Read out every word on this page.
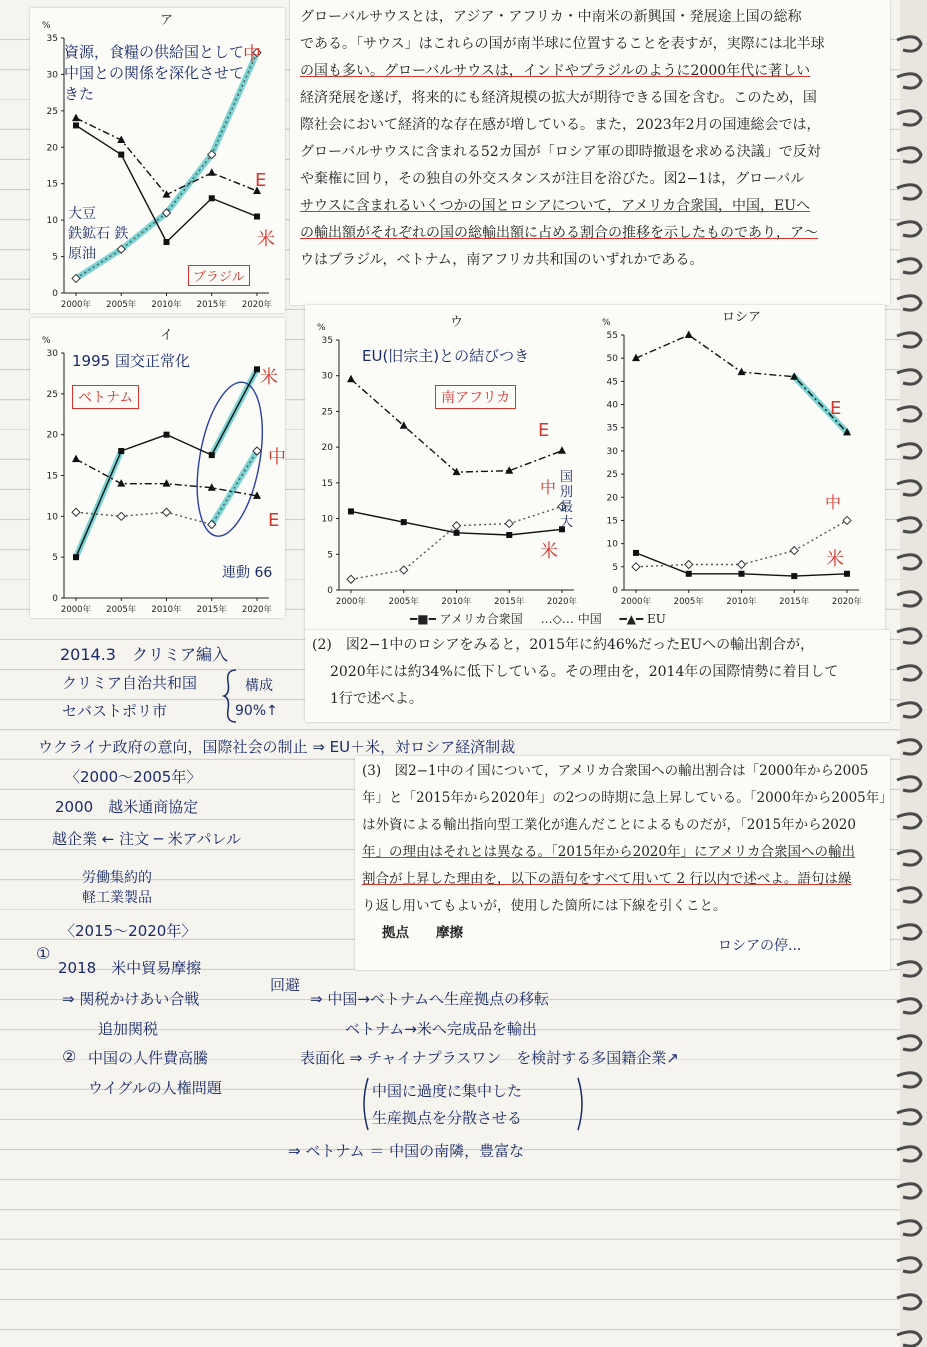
グローバルサウスとは，アジア・アフリカ・中南米の新興国・発展途上国の総称
である。「サウス」はこれらの国が南半球に位置することを表すが，実際には北半球
の国も多い。グローバルサウスは，インドやブラジルのように2000年代に著しい
経済発展を遂げ，将来的にも経済規模の拡大が期待できる国を含む。このため，国
際社会において経済的な存在感が増している。また，2023年2月の国連総会では，
グローバルサウスに含まれる52カ国が「ロシア軍の即時撤退を求める決議」で反対
や棄権に回り，その独自の外交スタンスが注目を浴びた。図2−1は，グローバル
サウスに含まれるいくつかの国とロシアについて，アメリカ合衆国，中国，EUへ
の輸出額がそれぞれの国の総輸出額に占める割合の推移を示したものであり，ア〜
ウはブラジル，ベトナム，南アフリカ共和国のいずれかである。
ア
%
0
5
10
15
20
25
30
35
2000年 2005年 2010年 2015年 2020年
イ
%
0
5
10
15
20
25
30
2000年 2005年 2010年 2015年 2020年
ウ
%
0
5
10
15
20
25
30
35
2000年	2005年	2010年	2015年	2020年
ロシア
%
0
5
10
15
20
25
30
35
40
45
50
55
2000年	2005年	2010年	2015年	2020年
━■━ アメリカ合衆国 …◇… 中国 ━▲━ EU
資源，食糧の供給国として中国との関係を深化させてきた
中
E
米
大豆
鉄鉱石 鉄
原油
ブラジル
1995 国交正常化
ベトナム
米
中
E
連動 66
EU(旧宗主)との結びつき
南アフリカ
E
中
国別最大
米
E
中
米
(2)　図2−1中のロシアをみると，2015年に約46%だったEUへの輸出割合が，
2020年には約34%に低下している。その理由を，2014年の国際情勢に着目して
1行で述べよ。
2014.3　クリミア編入
クリミア自治共和国
セバストポリ市
構成
90%↑
ウクライナ政府の意向，国際社会の制止 ⇒ EU＋米，対ロシア経済制裁
(3)　図2−1中のイ国について，アメリカ合衆国への輸出割合は「2000年から2005
年」と「2015年から2020年」の2つの時期に急上昇している。「2000年から2005年」
は外資による輸出指向型工業化が進んだことによるものだが，「2015年から2020
年」の理由はそれとは異なる。「2015年から2020年」にアメリカ合衆国への輸出
割合が上昇した理由を，以下の語句をすべて用いて 2 行以内で述べよ。語句は繰
り返し用いてもよいが，使用した箇所には下線を引くこと。
拠点　　摩擦
〈2000〜2005年〉
2000　越米通商協定
越企業 ← 注文 ─ 米アパレル
労働集約的
軽工業製品
〈2015〜2020年〉
①
2018　米中貿易摩擦
回避
⇒ 関税かけあい合戦	⇒ 中国→ベトナムへ生産拠点の移転
追加関税	ベトナム→米へ完成品を輸出
② 中国の人件費高騰	表面化 ⇒ チャイナプラスワン　を検討する多国籍企業↗
ウイグルの人権問題	中国に過度に集中した
生産拠点を分散させる
⇒ ベトナム ＝ 中国の南隣，豊富な
ロシアの停...
